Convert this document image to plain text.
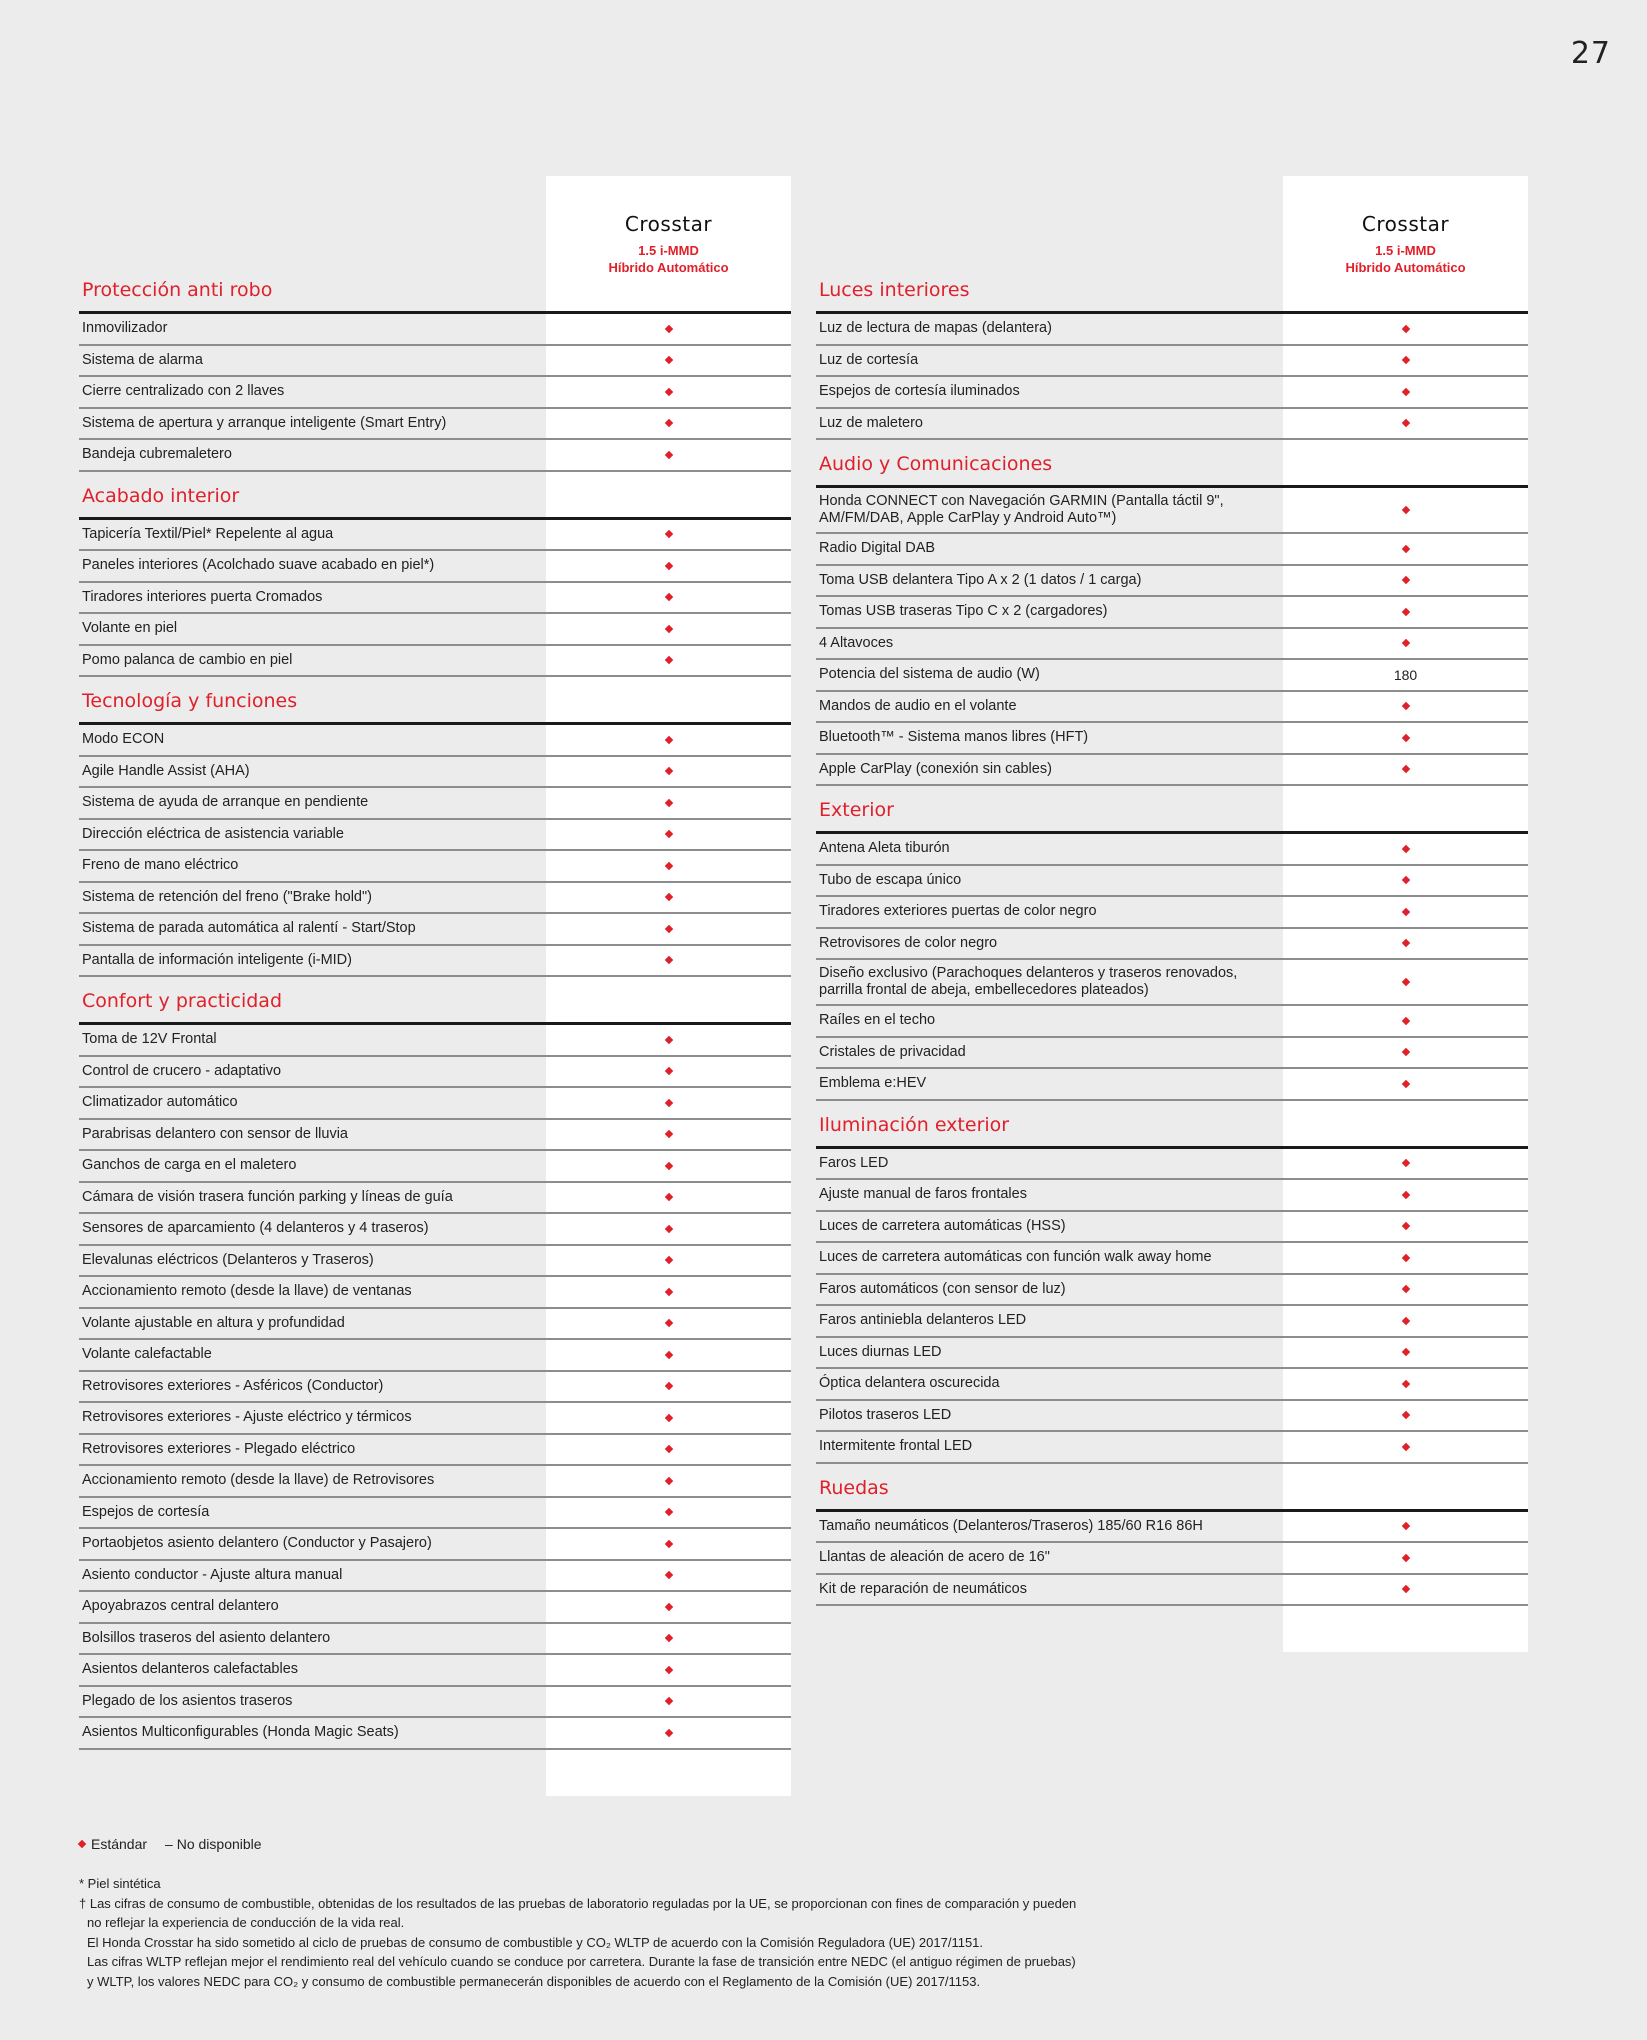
27
Crosstar
1.5 i-MMD
Híbrido Automático
Protección anti robo
Inmovilizador
Sistema de alarma
Cierre centralizado con 2 llaves
Sistema de apertura y arranque inteligente (Smart Entry)
Bandeja cubremaletero
Acabado interior
Tapicería Textil/Piel* Repelente al agua
Paneles interiores (Acolchado suave acabado en piel*)
Tiradores interiores puerta Cromados
Volante en piel
Pomo palanca de cambio en piel
Tecnología y funciones
Modo ECON
Agile Handle Assist (AHA)
Sistema de ayuda de arranque en pendiente
Dirección eléctrica de asistencia variable
Freno de mano eléctrico
Sistema de retención del freno ("Brake hold")
Sistema de parada automática al ralentí - Start/Stop
Pantalla de información inteligente (i-MID)
Confort y practicidad
Toma de 12V Frontal
Control de crucero - adaptativo
Climatizador automático
Parabrisas delantero con sensor de lluvia
Ganchos de carga en el maletero
Cámara de visión trasera función parking y líneas de guía
Sensores de aparcamiento (4 delanteros y 4 traseros)
Elevalunas eléctricos (Delanteros y Traseros)
Accionamiento remoto (desde la llave) de ventanas
Volante ajustable en altura y profundidad
Volante calefactable
Retrovisores exteriores - Asféricos (Conductor)
Retrovisores exteriores - Ajuste eléctrico y térmicos
Retrovisores exteriores - Plegado eléctrico
Accionamiento remoto (desde la llave) de Retrovisores
Espejos de cortesía
Portaobjetos asiento delantero (Conductor y Pasajero)
Asiento conductor - Ajuste altura manual
Apoyabrazos central delantero
Bolsillos traseros del asiento delantero
Asientos delanteros calefactables
Plegado de los asientos traseros
Asientos Multiconfigurables (Honda Magic Seats)
Crosstar
1.5 i-MMD
Híbrido Automático
Luces interiores
Luz de lectura de mapas (delantera)
Luz de cortesía
Espejos de cortesía iluminados
Luz de maletero
Audio y Comunicaciones
Honda CONNECT con Navegación GARMIN (Pantalla táctil 9", AM/FM/DAB, Apple CarPlay y Android Auto™)
Radio Digital DAB
Toma USB delantera Tipo A x 2 (1 datos / 1 carga)
Tomas USB traseras Tipo C x 2 (cargadores)
4 Altavoces
Potencia del sistema de audio (W)	180
Mandos de audio en el volante
Bluetooth™ - Sistema manos libres (HFT)
Apple CarPlay (conexión sin cables)
Exterior
Antena Aleta tiburón
Tubo de escapa único
Tiradores exteriores puertas de color negro
Retrovisores de color negro
Diseño exclusivo (Parachoques delanteros y traseros renovados, parrilla frontal de abeja, embellecedores plateados)
Raíles en el techo
Cristales de privacidad
Emblema e:HEV
Iluminación exterior
Faros LED
Ajuste manual de faros frontales
Luces de carretera automáticas (HSS)
Luces de carretera automáticas con función walk away home
Faros automáticos (con sensor de luz)
Faros antiniebla delanteros LED
Luces diurnas LED
Óptica delantera oscurecida
Pilotos traseros LED
Intermitente frontal LED
Ruedas
Tamaño neumáticos (Delanteros/Traseros) 185/60 R16 86H
Llantas de aleación de acero de 16"
Kit de reparación de neumáticos
Estándar – No disponible

* Piel sintética

† Las cifras de consumo de combustible, obtenidas de los resultados de las pruebas de laboratorio reguladas por la UE, se proporcionan con fines de comparación y pueden

no reflejar la experiencia de conducción de la vida real.

El Honda Crosstar ha sido sometido al ciclo de pruebas de consumo de combustible y CO₂ WLTP de acuerdo con la Comisión Reguladora (UE) 2017/1151.

Las cifras WLTP reflejan mejor el rendimiento real del vehículo cuando se conduce por carretera. Durante la fase de transición entre NEDC (el antiguo régimen de pruebas)

y WLTP, los valores NEDC para CO₂ y consumo de combustible permanecerán disponibles de acuerdo con el Reglamento de la Comisión (UE) 2017/1153.
